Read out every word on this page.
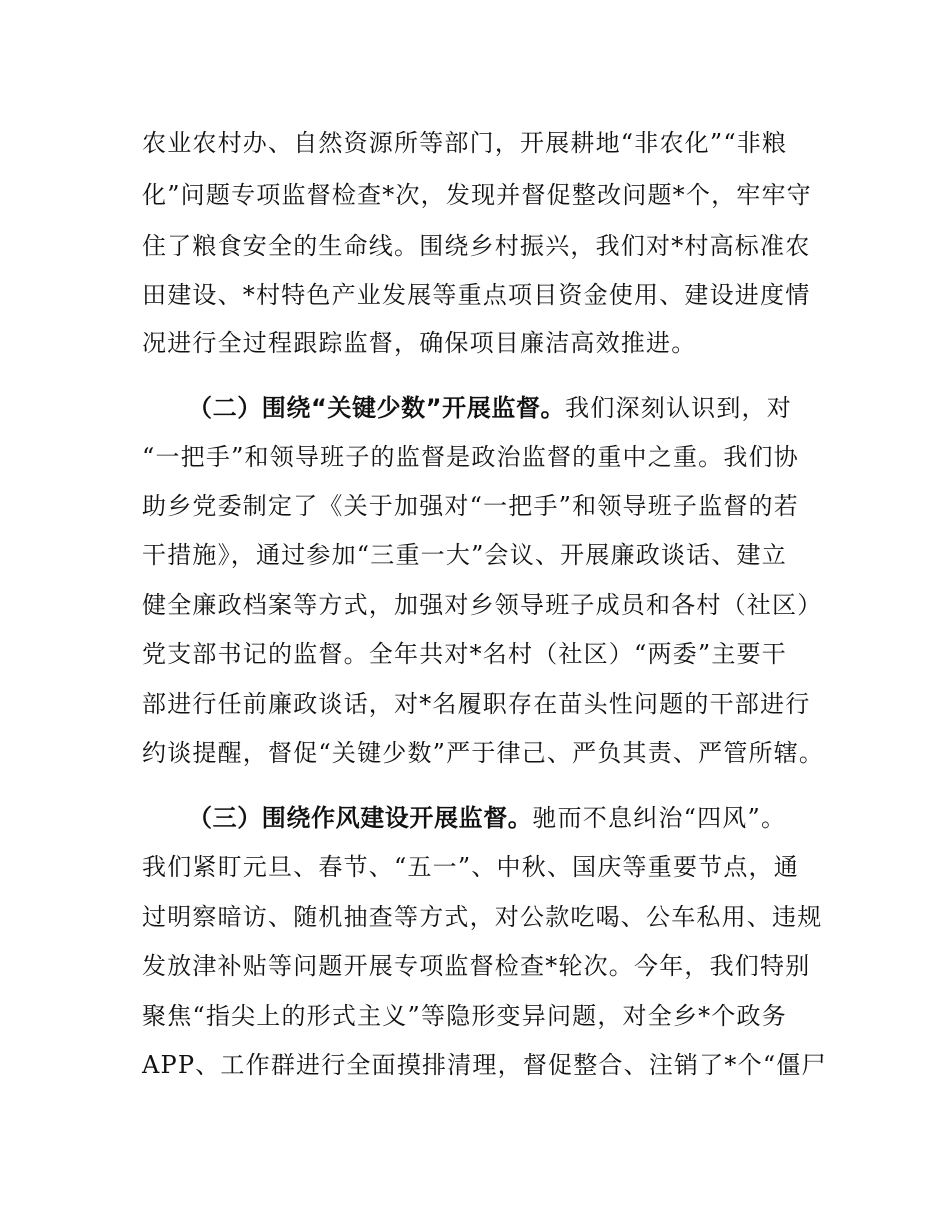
农业农村办、自然资源所等部门，开展耕地“非农化”“非粮
化”问题专项监督检查*次，发现并督促整改问题*个，牢牢守
住了粮食安全的生命线。围绕乡村振兴，我们对*村高标准农
田建设、*村特色产业发展等重点项目资金使用、建设进度情
况进行全过程跟踪监督，确保项目廉洁高效推进。
（二）围绕“关键少数”开展监督。我们深刻认识到，对
“一把手”和领导班子的监督是政治监督的重中之重。我们协
助乡党委制定了《关于加强对“一把手”和领导班子监督的若
干措施》，通过参加“三重一大”会议、开展廉政谈话、建立
健全廉政档案等方式，加强对乡领导班子成员和各村（社区）
党支部书记的监督。全年共对*名村（社区）“两委”主要干
部进行任前廉政谈话，对*名履职存在苗头性问题的干部进行
约谈提醒，督促“关键少数”严于律己、严负其责、严管所辖。
（三）围绕作风建设开展监督。驰而不息纠治“四风”。
我们紧盯元旦、春节、“五一”、中秋、国庆等重要节点，通
过明察暗访、随机抽查等方式，对公款吃喝、公车私用、违规
发放津补贴等问题开展专项监督检查*轮次。今年，我们特别
聚焦“指尖上的形式主义”等隐形变异问题，对全乡*个政务
APP、工作群进行全面摸排清理，督促整合、注销了*个“僵尸
